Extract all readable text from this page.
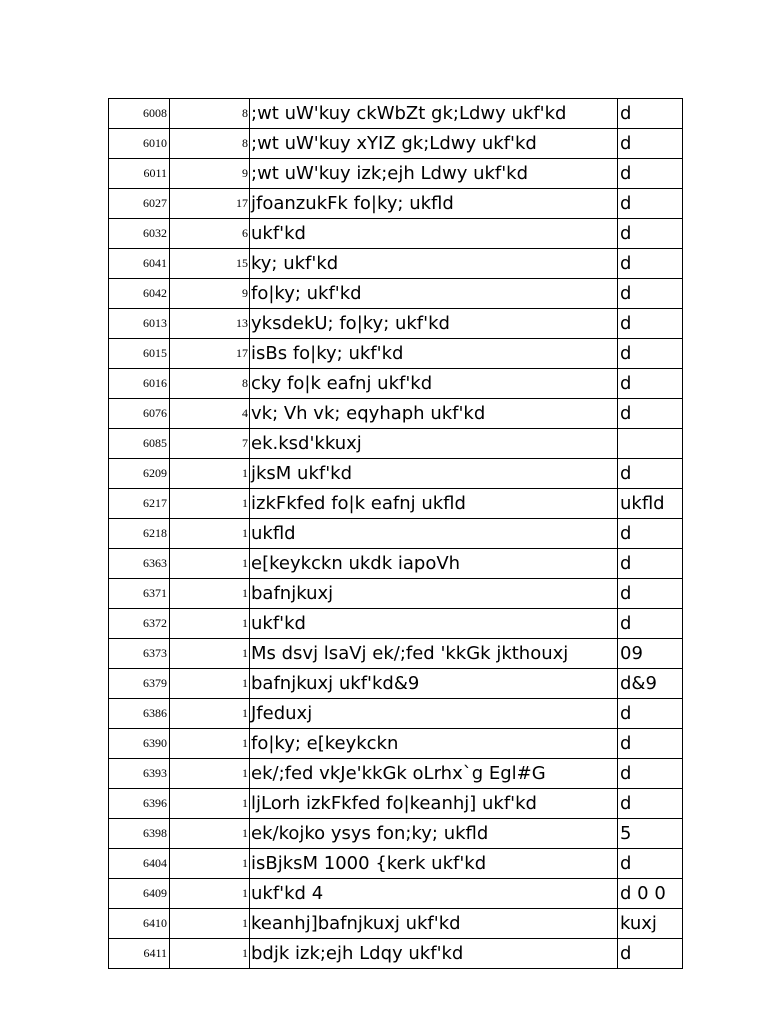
6008	8	;wt uW'kuy ckWbZt gk;Ldwy ukf'kd	d
6010	8	;wt uW'kuy xYIZ gk;Ldwy ukf'kd	d
6011	9	;wt uW'kuy izk;ejh Ldwy ukf'kd	d
6027	17	jfoanzukFk fo|ky; ukfld	d
6032	6	ukf'kd	d
6041	15	ky; ukf'kd	d
6042	9	fo|ky; ukf'kd	d
6013	13	yksdekU; fo|ky; ukf'kd	d
6015	17	isBs fo|ky; ukf'kd	d
6016	8	cky fo|k eafnj ukf'kd	d
6076	4	vk; Vh vk; eqyhaph ukf'kd	d
6085	7	ek.ksd'kkuxj	
6209	1	jksM ukf'kd	d
6217	1	izkFkfed fo|k eafnj ukfld	ukfld
6218	1	ukfld	d
6363	1	e[keykckn ukdk iapoVh	d
6371	1	bafnjkuxj	d
6372	1	ukf'kd	d
6373	1	Ms dsvj lsaVj ek/;fed 'kkGk jkthouxj	09
6379	1	bafnjkuxj ukf'kd&9	d&9
6386	1	Jfeduxj	d
6390	1	fo|ky; e[keykckn	d
6393	1	ek/;fed vkJe'kkGk oLrhx`g Egl#G	d
6396	1	ljLorh izkFkfed fo|keanhj] ukf'kd	d
6398	1	ek/kojko ysys fon;ky; ukfld	5
6404	1	isBjksM 1000 {kerk ukf'kd	d
6409	1	ukf'kd 4	d 0 0
6410	1	keanhj]bafnjkuxj ukf'kd	kuxj
6411	1	bdjk izk;ejh Ldqy ukf'kd	d
